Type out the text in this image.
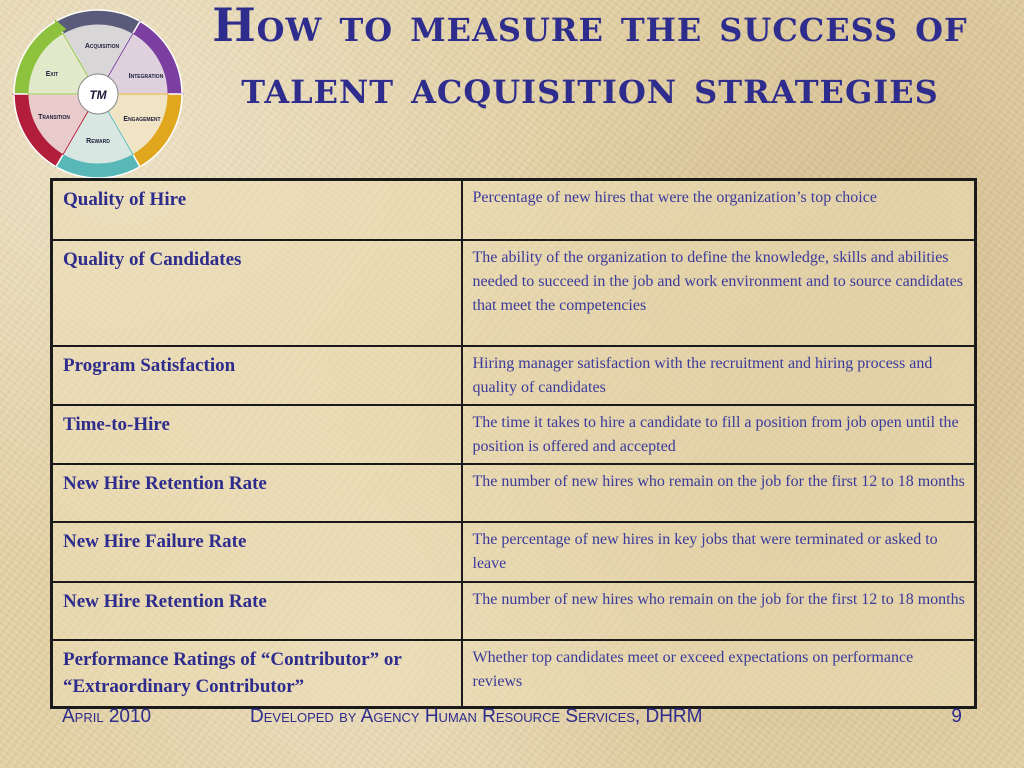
TM
Acquisition
Integration
Engagement
Reward
Transition
Exit
How to measure the success of talent acquisition strategies
Quality of Hire	Percentage of new hires that were the organization’s top choice

Quality of Candidates	The ability of the organization to define the knowledge, skills and abilities needed to succeed in the job and work environment and to source candidates that meet the competencies

Program Satisfaction	Hiring manager satisfaction with the recruitment and hiring process and quality of candidates

Time-to-Hire	The time it takes to hire a candidate to fill a position from job open until the position is offered and accepted

New Hire Retention Rate	The number of new hires who remain on the job for the first 12 to 18 months

New Hire Failure Rate	The percentage of new hires in key jobs that were terminated or asked to leave

New Hire Retention Rate	The number of new hires who remain on the job for the first 12 to 18 months

Performance Ratings of “Contributor” or “Extraordinary Contributor”	Whether top candidates meet or exceed expectations on performance reviews
April 2010	Developed by Agency Human Resource Services, DHRM	9
